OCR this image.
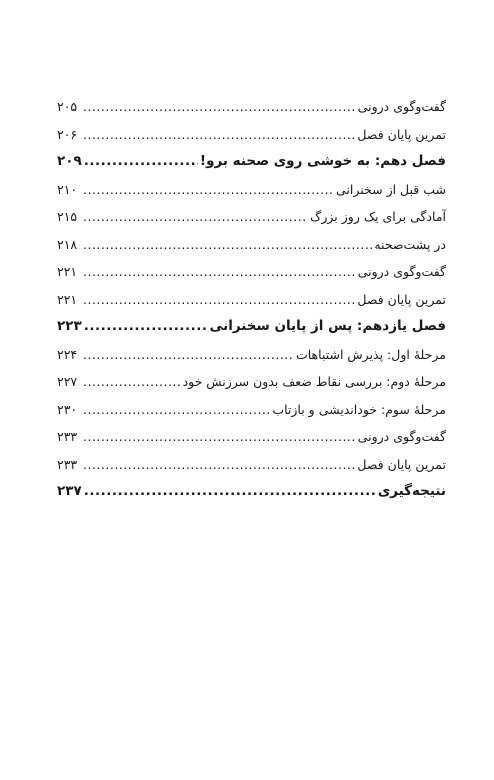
گفت‌وگوی درونی
.....
۲۰۵
تمرین پایان فصل
.....
۲۰۶
فصل دهم: به خوشی روی صحنه برو!
.....
۲۰۹
شب قبل از سخنرانی
.....
۲۱۰
آمادگی برای یک روز بزرگ
.....
۲۱۵
در پشت‌صحنه
.....
۲۱۸
گفت‌وگوی درونی
.....
۲۲۱
تمرین پایان فصل
.....
۲۲۱
فصل یازدهم: پس از پایان سخنرانی
.....
۲۲۳
مرحلهٔ اول: پذیرش اشتباهات
.....
۲۲۴
مرحلهٔ دوم: بررسی نقاط ضعف بدون سرزنش خود
.....
۲۲۷
مرحلهٔ سوم: خوداندیشی و بازتاب
.....
۲۳۰
گفت‌وگوی درونی
.....
۲۳۳
تمرین پایان فصل
.....
۲۳۳
نتیجه‌گیری
.....
۲۳۷
